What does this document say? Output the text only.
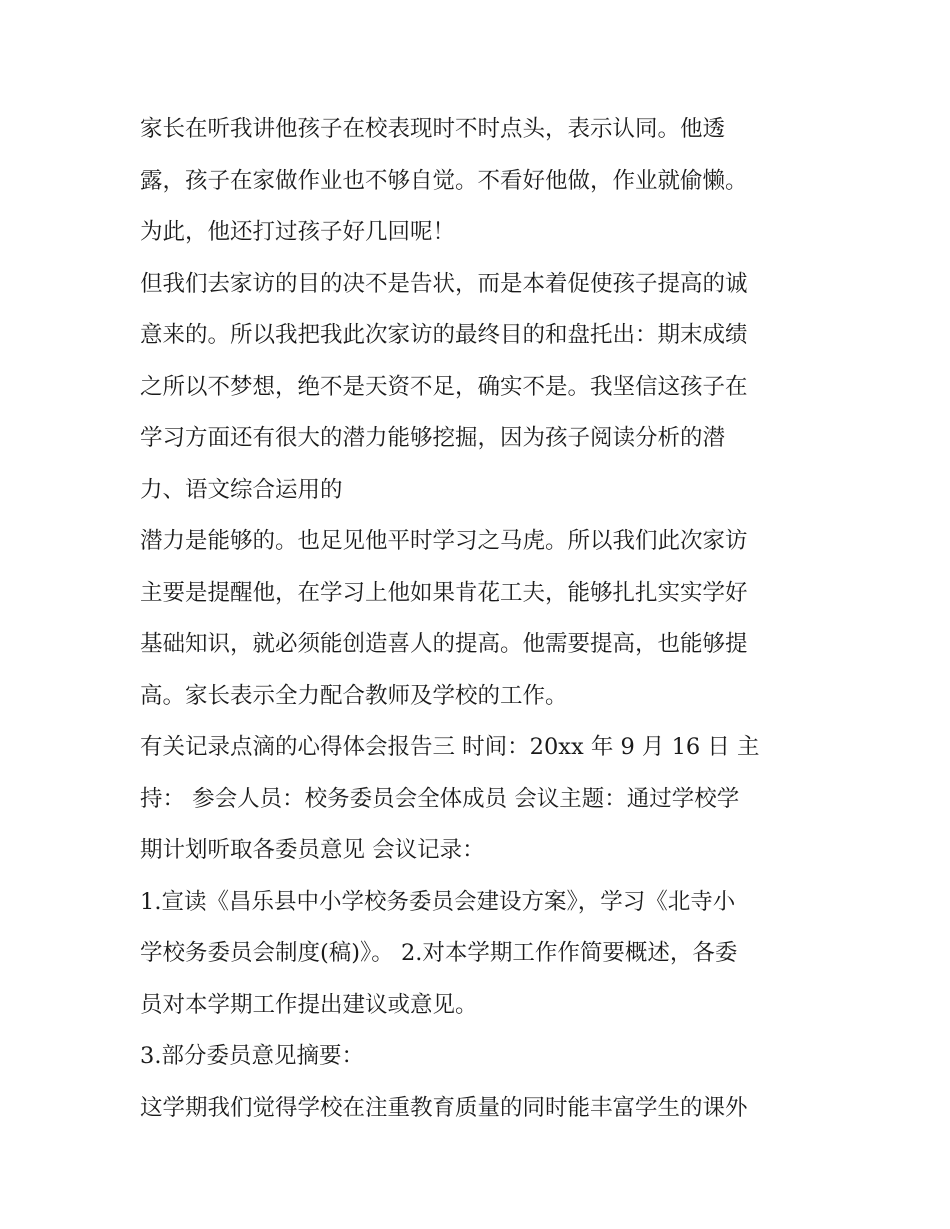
家长在听我讲他孩子在校表现时不时点头，表示认同。他透
露，孩子在家做作业也不够自觉。不看好他做，作业就偷懒。
为此，他还打过孩子好几回呢！
但我们去家访的目的决不是告状，而是本着促使孩子提高的诚
意来的。所以我把我此次家访的最终目的和盘托出：期末成绩
之所以不梦想，绝不是天资不足，确实不是。我坚信这孩子在
学习方面还有很大的潜力能够挖掘，因为孩子阅读分析的潜
力、语文综合运用的
潜力是能够的。也足见他平时学习之马虎。所以我们此次家访
主要是提醒他，在学习上他如果肯花工夫，能够扎扎实实学好
基础知识，就必须能创造喜人的提高。他需要提高，也能够提
高。家长表示全力配合教师及学校的工作。
有关记录点滴的心得体会报告三 时间：20xx 年 9 月 16 日 主
持： 参会人员：校务委员会全体成员 会议主题：通过学校学
期计划听取各委员意见 会议记录：
1.宣读《昌乐县中小学校务委员会建设方案》，学习《北寺小
学校务委员会制度(稿)》。 2.对本学期工作作简要概述，各委
员对本学期工作提出建议或意见。
3.部分委员意见摘要：
这学期我们觉得学校在注重教育质量的同时能丰富学生的课外
